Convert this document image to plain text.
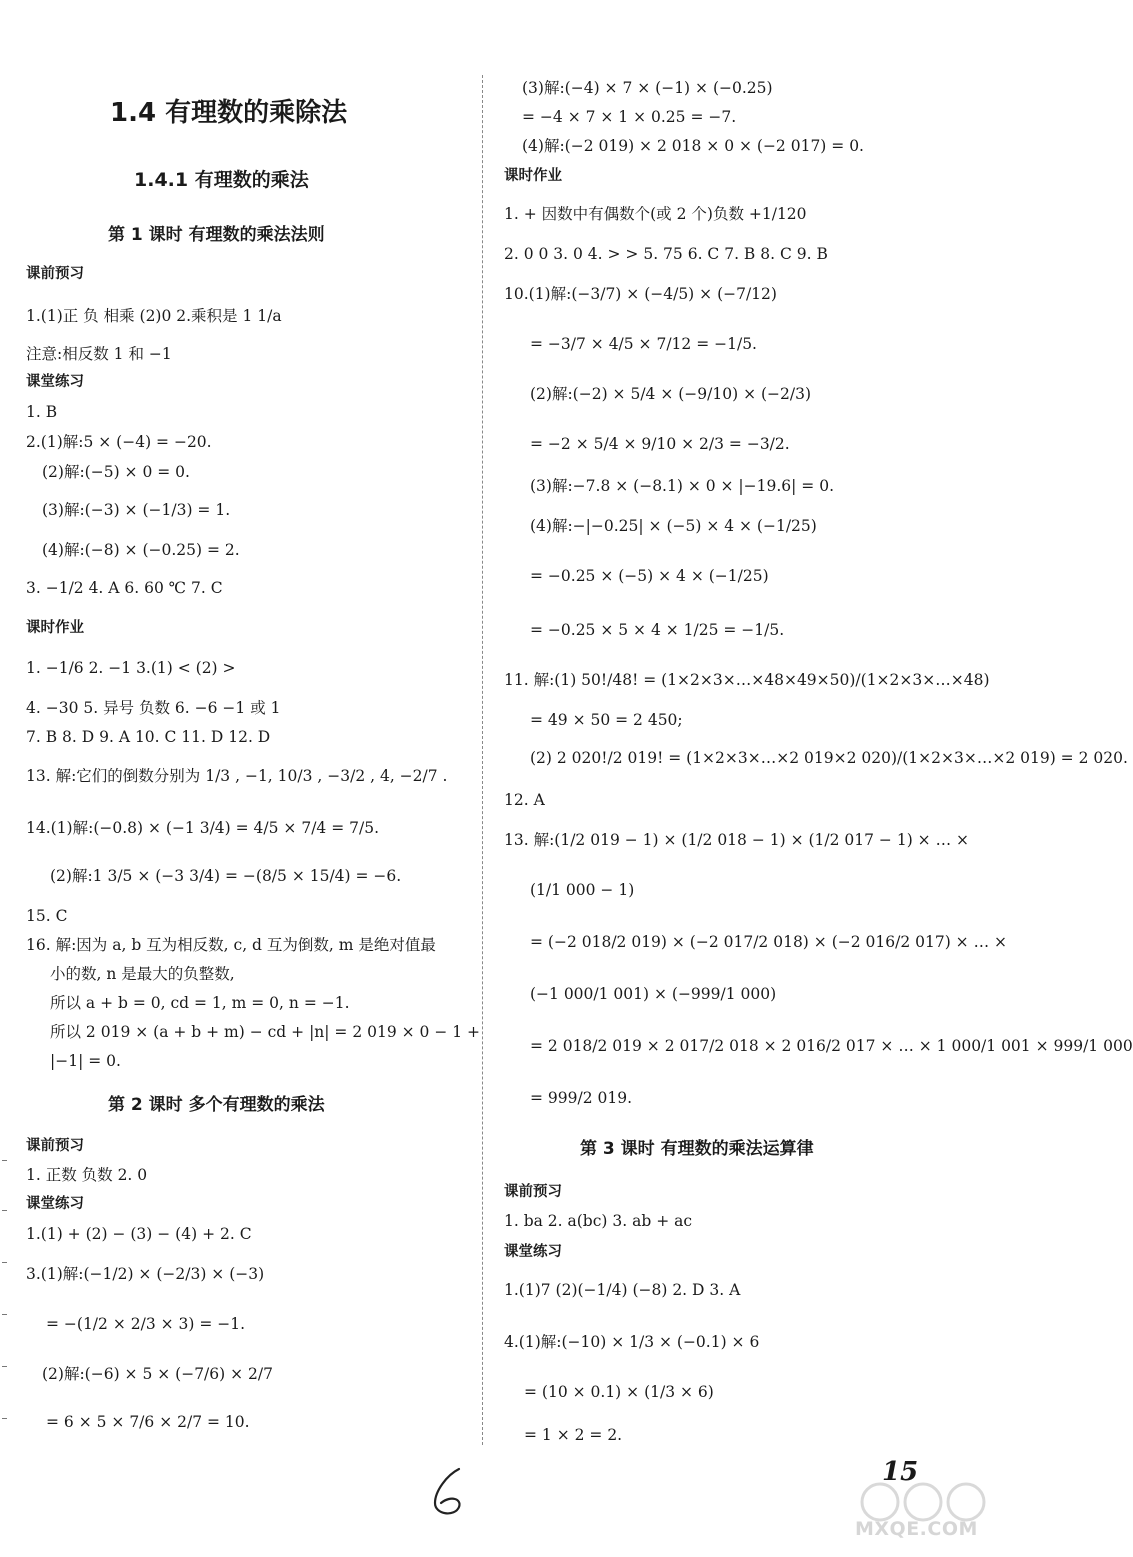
1.4 有理数的乘除法
1.4.1 有理数的乘法
第 1 课时 有理数的乘法法则
课前预习
1.(1)正 负 相乘 (2)0 2.乘积是 1 1/a
注意:相反数 1 和 −1
课堂练习
1. B
2.(1)解:5 × (−4) = −20.
(2)解:(−5) × 0 = 0.
(3)解:(−3) × (−1/3) = 1.
(4)解:(−8) × (−0.25) = 2.
3. −1/2 4. A 6. 60 ℃ 7. C
课时作业
1. −1/6 2. −1 3.(1) < (2) >
4. −30 5. 异号 负数 6. −6 −1 或 1
7. B 8. D 9. A 10. C 11. D 12. D
13. 解:它们的倒数分别为 1/3 , −1, 10/3 , −3/2 , 4, −2/7 .
14.(1)解:(−0.8) × (−1 3/4) = 4/5 × 7/4 = 7/5.
(2)解:1 3/5 × (−3 3/4) = −(8/5 × 15/4) = −6.
15. C
16. 解:因为 a, b 互为相反数, c, d 互为倒数, m 是绝对值最
小的数, n 是最大的负整数,
所以 a + b = 0, cd = 1, m = 0, n = −1.
所以 2 019 × (a + b + m) − cd + |n| = 2 019 × 0 − 1 +
|−1| = 0.
第 2 课时 多个有理数的乘法
课前预习
1. 正数 负数 2. 0
课堂练习
1.(1) + (2) − (3) − (4) + 2. C
3.(1)解:(−1/2) × (−2/3) × (−3)
= −(1/2 × 2/3 × 3) = −1.
(2)解:(−6) × 5 × (−7/6) × 2/7
= 6 × 5 × 7/6 × 2/7 = 10.
(3)解:(−4) × 7 × (−1) × (−0.25)
= −4 × 7 × 1 × 0.25 = −7.
(4)解:(−2 019) × 2 018 × 0 × (−2 017) = 0.
课时作业
1. + 因数中有偶数个(或 2 个)负数 +1/120
2. 0 0 3. 0 4. > > 5. 75 6. C 7. B 8. C 9. B
10.(1)解:(−3/7) × (−4/5) × (−7/12)
= −3/7 × 4/5 × 7/12 = −1/5.
(2)解:(−2) × 5/4 × (−9/10) × (−2/3)
= −2 × 5/4 × 9/10 × 2/3 = −3/2.
(3)解:−7.8 × (−8.1) × 0 × |−19.6| = 0.
(4)解:−|−0.25| × (−5) × 4 × (−1/25)
= −0.25 × (−5) × 4 × (−1/25)
= −0.25 × 5 × 4 × 1/25 = −1/5.
11. 解:(1) 50!/48! = (1×2×3×…×48×49×50)/(1×2×3×…×48)
= 49 × 50 = 2 450;
(2) 2 020!/2 019! = (1×2×3×…×2 019×2 020)/(1×2×3×…×2 019) = 2 020.
12. A
13. 解:(1/2 019 − 1) × (1/2 018 − 1) × (1/2 017 − 1) × … ×
(1/1 000 − 1)
= (−2 018/2 019) × (−2 017/2 018) × (−2 016/2 017) × … ×
(−1 000/1 001) × (−999/1 000)
= 2 018/2 019 × 2 017/2 018 × 2 016/2 017 × … × 1 000/1 001 × 999/1 000
= 999/2 019.
第 3 课时 有理数的乘法运算律
课前预习
1. ba 2. a(bc) 3. ab + ac
课堂练习
1.(1)7 (2)(−1/4) (−8) 2. D 3. A
4.(1)解:(−10) × 1/3 × (−0.1) × 6
= (10 × 0.1) × (1/3 × 6)
= 1 × 2 = 2.
15
MXQE.COM
